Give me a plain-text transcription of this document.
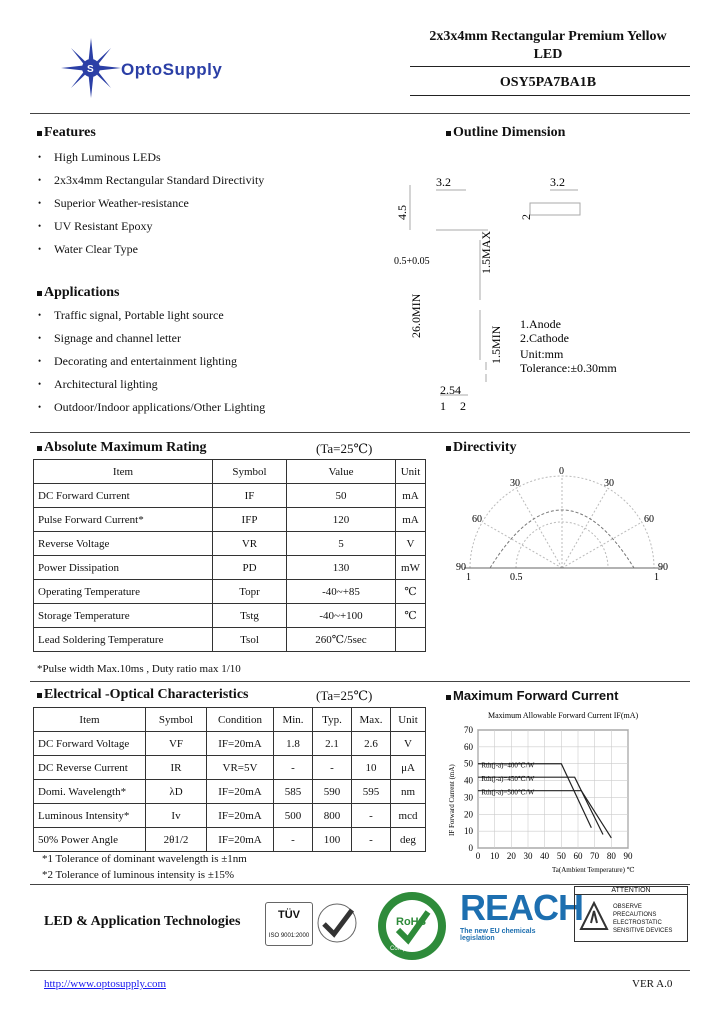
S OptoSupply
2x3x4mm Rectangular Premium Yellow
LED
OSY5PA7BA1B
Features
• High Luminous LEDs
• 2x3x4mm Rectangular Standard Directivity
• Superior Weather-resistance
• UV Resistant Epoxy
• Water Clear Type
Applications
• Traffic signal, Portable light source
• Signage and channel letter
• Decorating and entertainment lighting
• Architectural lighting
• Outdoor/Indoor applications/Other Lighting
Outline Dimension
3.2	3.2
2
4.5
0.5+0.05	1.5MAX
26.0MIN
1.5MIN
1.Anode
2.Cathode
Unit:mm
Tolerance:±0.30mm
2.54
1 2
Absolute Maximum Rating	(Ta=25℃)
Item	Symbol	Value	Unit
DC Forward Current	IF	50	mA
Pulse Forward Current*	IFP	120	mA
Reverse Voltage	VR	5	V
Power Dissipation	PD	130	mW
Operating Temperature	Topr	-40~+85	℃
Storage Temperature	Tstg	-40~+100	℃
Lead Soldering Temperature	Tsol	260℃/5sec	
*Pulse width Max.10ms , Duty ratio max 1/10
Directivity
0
30	30
60	60
90	90
0.5
1	1
Electrical -Optical Characteristics	(Ta=25℃)
Item	Symbol	Condition	Min.	Typ.	Max.	Unit
DC Forward Voltage	VF	IF=20mA	1.8	2.1	2.6	V
DC Reverse Current	IR	VR=5V	-	-	10	μA
Domi. Wavelength*	λD	IF=20mA	585	590	595	nm
Luminous Intensity*	Iv	IF=20mA	500	800	-	mcd
50% Power Angle	2θ1/2	IF=20mA	-	100	-	deg
*1 Tolerance of dominant wavelength is ±1nm
*2 Tolerance of luminous intensity is ±15%
Maximum Forward Current
Maximum Allowable Forward Current IF(mA)
IF Forward Current (mA)
Ta(Ambient Temperature) ℃
0
10
20
30
40
50
60
70
0 10 20 30 40 50 60 70 80 90
Rth(j-a)=400℃/W
Rth(j-a)=450℃/W
Rth(j-a)=500℃/W
LED & Application Technologies	TÜV
ISO 9001:2000
RoHS
Compliant
REACH
The new EU chemicals legislation
ATTENTION
OBSERVE PRECAUTIONS ELECTROSTATIC SENSITIVE DEVICES
http://www.optosupply.com	VER A.0
